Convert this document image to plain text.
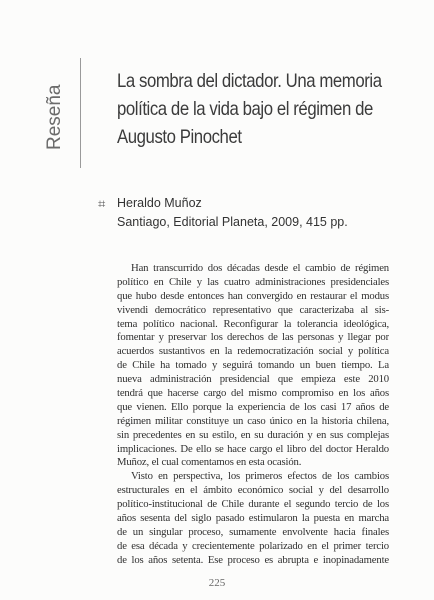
Reseña
La sombra del dictador. Una memoria
política de la vida bajo el régimen de
Augusto Pinochet
⌗ Heraldo Muñoz
Santiago, Editorial Planeta, 2009, 415 pp.
Han transcurrido dos décadas desde el cambio de régimen
político en Chile y las cuatro administraciones presidenciales
que hubo desde entonces han convergido en restaurar el modus
vivendi democrático representativo que caracterizaba al sis-
tema político nacional. Reconfigurar la tolerancia ideológica,
fomentar y preservar los derechos de las personas y llegar por
acuerdos sustantivos en la redemocratización social y política
de Chile ha tomado y seguirá tomando un buen tiempo. La
nueva administración presidencial que empieza este 2010
tendrá que hacerse cargo del mismo compromiso en los años
que vienen. Ello porque la experiencia de los casi 17 años de
régimen militar constituye un caso único en la historia chilena,
sin precedentes en su estilo, en su duración y en sus complejas
implicaciones. De ello se hace cargo el libro del doctor Heraldo
Muñoz, el cual comentamos en esta ocasión.
Visto en perspectiva, los primeros efectos de los cambios
estructurales en el ámbito económico social y del desarrollo
político-institucional de Chile durante el segundo tercio de los
años sesenta del siglo pasado estimularon la puesta en marcha
de un singular proceso, sumamente envolvente hacia finales
de esa década y crecientemente polarizado en el primer tercio
de los años setenta. Ese proceso es abrupta e inopinadamente
225
